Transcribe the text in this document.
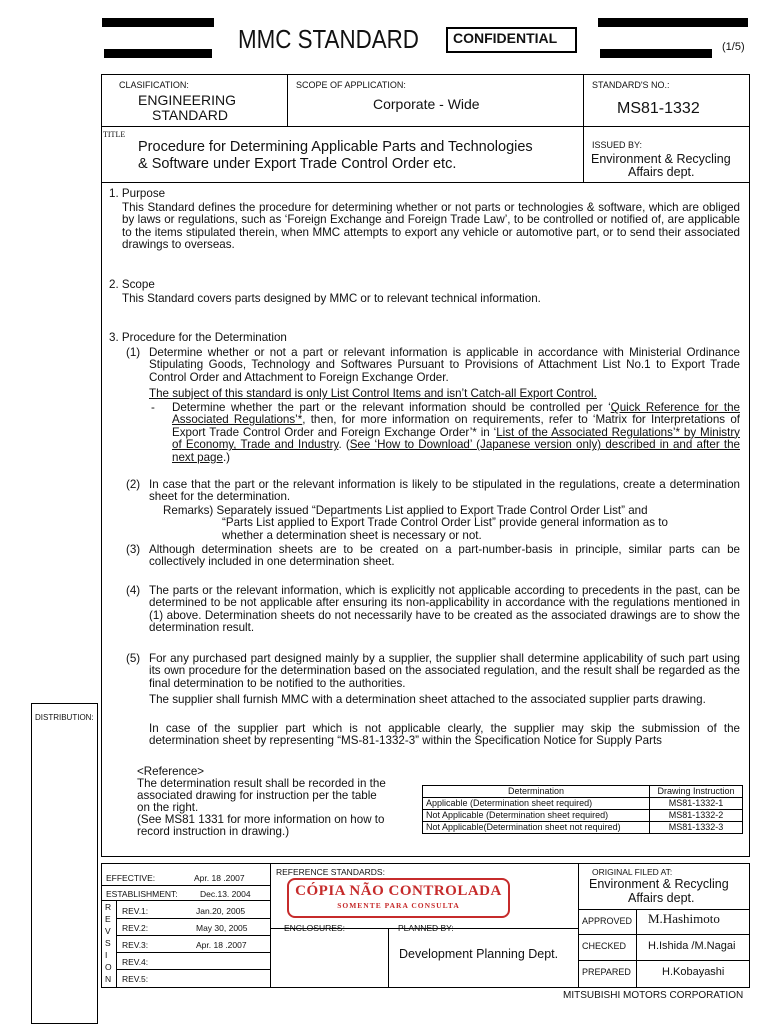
MMC STANDARD CONFIDENTIAL
(1/5)
CLASIFICATION:
ENGINEERING
STANDARD
SCOPE OF APPLICATION:
Corporate - Wide
STANDARD'S NO.:
MS81-1332
TITLE
Procedure for Determining Applicable Parts and Technologies
& Software under Export Trade Control Order etc.
ISSUED BY:
Environment & Recycling
Affairs dept.
1. Purpose
This Standard defines the procedure for determining whether or not parts or technologies & software, which are obliged by laws or regulations, such as ‘Foreign Exchange and Foreign Trade Law’, to be controlled or notified of, are applicable to the items stipulated therein, when MMC attempts to export any vehicle or automotive part, or to send their associated drawings to overseas.
2. Scope
This Standard covers parts designed by MMC or to relevant technical information.
3. Procedure for the Determination
(1) Determine whether or not a part or relevant information is applicable in accordance with Ministerial Ordinance Stipulating Goods, Technology and Softwares Pursuant to Provisions of Attachment List No.1 to Export Trade Control Order and Attachment to Foreign Exchange Order.
The subject of this standard is only List Control Items and isn’t Catch-all Export Control.
- Determine whether the part or the relevant information should be controlled per ‘Quick Reference for the Associated Regulations’*, then, for more information on requirements, refer to ‘Matrix for Interpretations of Export Trade Control Order and Foreign Exchange Order’* in ‘List of the Associated Regulations’* by Ministry of Economy, Trade and Industry. (See ‘How to Download’ (Japanese version only) described in and after the next page.)
(2) In case that the part or the relevant information is likely to be stipulated in the regulations, create a determination sheet for the determination.
Remarks) Separately issued “Departments List applied to Export Trade Control Order List” and
“Parts List applied to Export Trade Control Order List” provide general information as to
whether a determination sheet is necessary or not.
(3) Although determination sheets are to be created on a part-number-basis in principle, similar parts can be collectively included in one determination sheet.
(4) The parts or the relevant information, which is explicitly not applicable according to precedents in the past, can be determined to be not applicable after ensuring its non-applicability in accordance with the regulations mentioned in (1) above. Determination sheets do not necessarily have to be created as the associated drawings are to show the determination result.
(5) For any purchased part designed mainly by a supplier, the supplier shall determine applicability of such part using its own procedure for the determination based on the associated regulation, and the result shall be regarded as the final determination to be notified to the authorities.
The supplier shall furnish MMC with a determination sheet attached to the associated supplier parts drawing.
In case of the supplier part which is not applicable clearly, the supplier may skip the submission of the determination sheet by representing “MS-81-1332-3” within the Specification Notice for Supply Parts
DISTRIBUTION:
<Reference>
The determination result shall be recorded in the
associated drawing for instruction per the table
on the right.
(See MS81 1331 for more information on how to
record instruction in drawing.)
Determination	Drawing Instruction
Applicable (Determination sheet required)	MS81-1332-1
Not Applicable (Determination sheet required)	MS81-1332-2
Not Applicable(Determination sheet not required)	MS81-1332-3
EFFECTIVE:	Apr. 18 .2007
ESTABLISHMENT:	Dec.13. 2004
R
E
V
S
I
O
N
REV.1:	Jan.20, 2005
REV.2:	May 30, 2005
REV.3:	Apr. 18 .2007
REV.4:
REV.5:
REFERENCE STANDARDS:
ENCLOSURES:	PLANNED BY:
Development Planning Dept.
CÓPIA NÃO CONTROLADA
SOMENTE PARA CONSULTA
ORIGINAL FILED AT:
Environment & Recycling
Affairs dept.
APPROVED M.Hashimoto
CHECKED H.Ishida /M.Nagai
PREPARED	H.Kobayashi
MITSUBISHI MOTORS CORPORATION
